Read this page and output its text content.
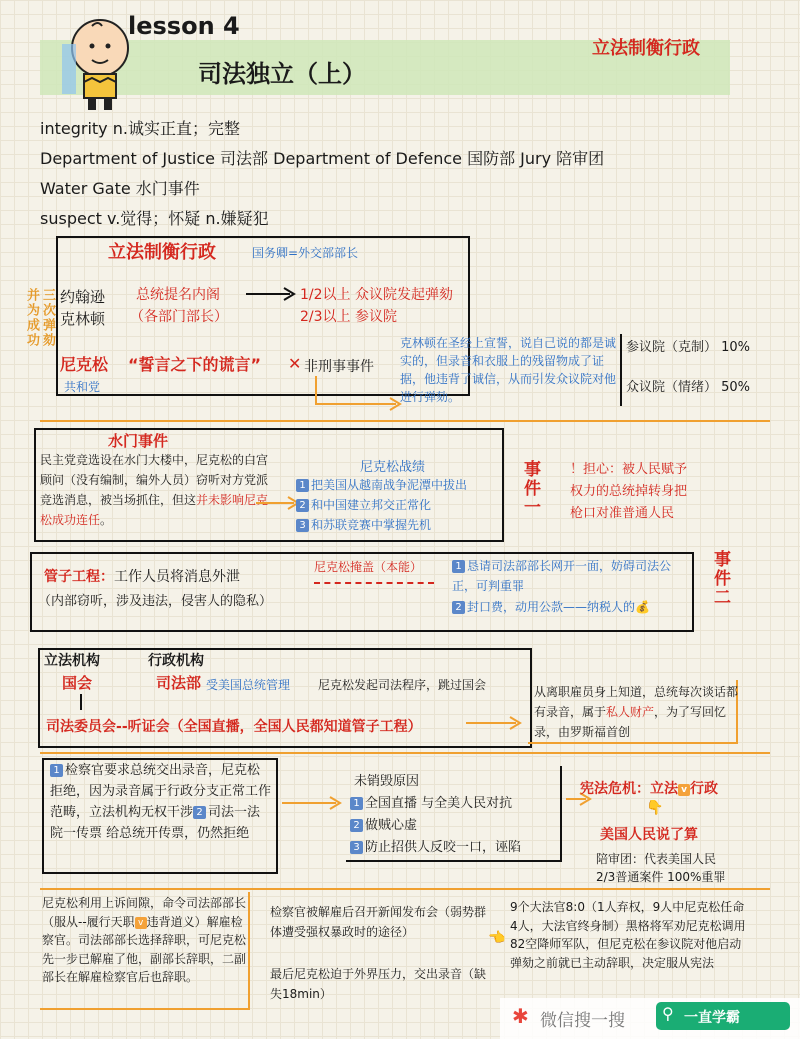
lesson 4
司法独立（上）
立法制衡行政
integrity n.诚实正直；完整
Department of Justice 司法部 Department of Defence 国防部 Jury 陪审团
Water Gate 水门事件
suspect v.觉得；怀疑 n.嫌疑犯
并为成功 三次弹劾
立法制衡行政	国务卿=外交部部长
约翰逊
克林顿
总统提名内阁
（各部门部长）
1/2以上 众议院发起弹劾
2/3以上 参议院
尼克松 “誓言之下的谎言” ✕ 非刑事事件
共和党
克林顿在圣经上宣誓，说自己说的都是诚实的，但录音和衣服上的残留物成了证据，他违背了诚信，从而引发众议院对他进行弹劾。
参议院（克制） 10%
众议院（情绪） 50%
水门事件
民主党竞选设在水门大楼中，尼克松的白宫顾问（没有编制，编外人员）窃听对方党派竞选消息，被当场抓住，但这并未影响尼克松成功连任。
尼克松战绩
1 把美国从越南战争泥潭中拔出
2 和中国建立邦交正常化
3 和苏联竞赛中掌握先机
事件一 ！担心：被人民赋予
权力的总统掉转身把
枪口对准普通人民
管子工程：工作人员将消息外泄
（内部窃听，涉及违法，侵害人的隐私）
尼克松掩盖（本能）	1 恳请司法部部长网开一面，妨碍司法公正，可判重罪
2 封口费，动用公款——纳税人的💰	事件二
立法机构	行政机构
国会	司法部 受美国总统管理 尼克松发起司法程序，跳过国会
司法委员会--听证会（全国直播，全国人民都知道管子工程）
从离职雇员身上知道，总统每次谈话都有录音，属于私人财产，为了写回忆录，由罗斯福首创
1 检察官要求总统交出录音，尼克松拒绝，因为录音属于行政分支正常工作范畴，立法机构无权干涉 2 司法一法院一传票 给总统开传票，仍然拒绝
未销毁原因
1 全国直播 与全美人民对抗
2 做贼心虚
3 防止招供人反咬一口，诬陷
宪法危机：立法 v 行政
👇
美国人民说了算
陪审团：代表美国人民
2/3普通案件 100%重罪
尼克松利用上诉间隙，命令司法部部长（服从--履行天职 v 违背道义）解雇检察官。司法部部长选择辞职，可尼克松先一步已解雇了他，副部长辞职，二副部长在解雇检察官后也辞职。
检察官被解雇后召开新闻发布会（弱势群体遭受强权暴政时的途径）
最后尼克松迫于外界压力，交出录音（缺失18min）
👈
9个大法官8:0（1人弃权，9人中尼克松任命4人，大法官终身制）黑格将军劝尼克松调用82空降师军队，但尼克松在参议院对他启动弹劾之前就已主动辞职，决定服从宪法
✱ 微信搜一搜 ⚲ 一直学霸
